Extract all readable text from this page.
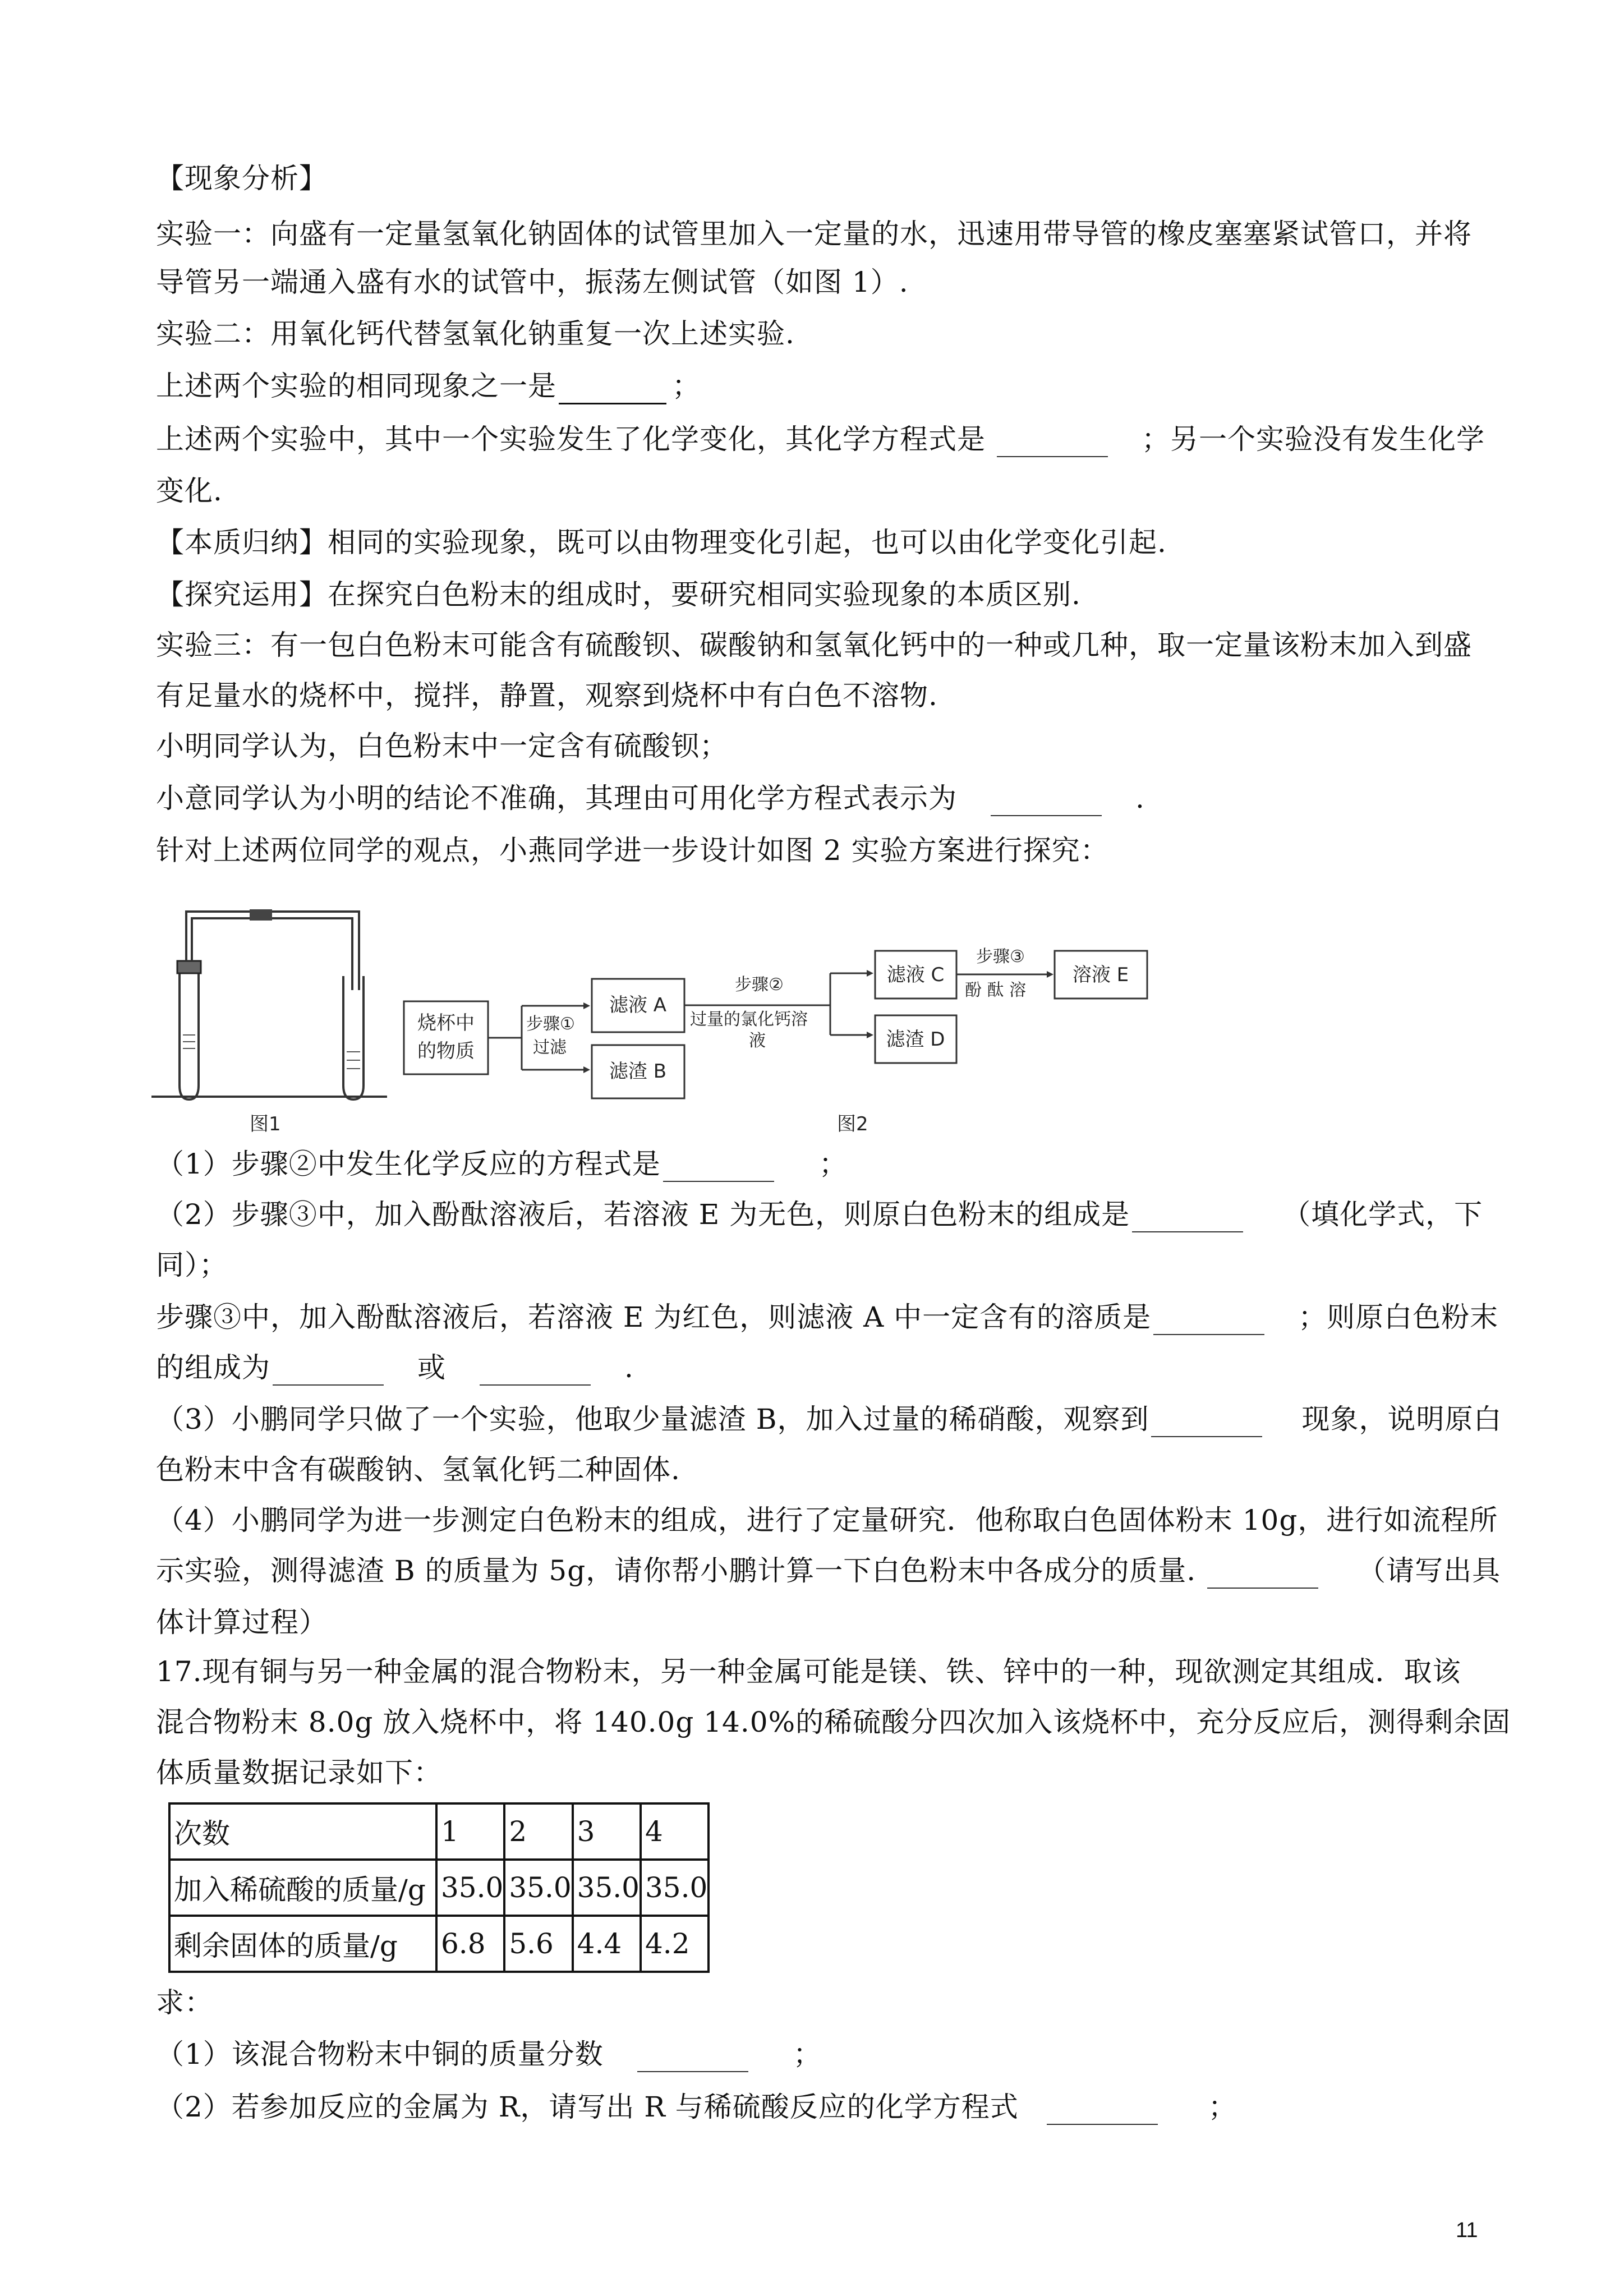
【现象分析】
实验一：向盛有一定量氢氧化钠固体的试管里加入一定量的水，迅速用带导管的橡皮塞塞紧试管口，并将
导管另一端通入盛有水的试管中，振荡左侧试管（如图 1）.
实验二：用氧化钙代替氢氧化钠重复一次上述实验.
上述两个实验的相同现象之一是	；
上述两个实验中，其中一个实验发生了化学变化，其化学方程式是	；另一个实验没有发生化学
变化.
【本质归纳】相同的实验现象，既可以由物理变化引起，也可以由化学变化引起.
【探究运用】在探究白色粉末的组成时，要研究相同实验现象的本质区别.
实验三：有一包白色粉末可能含有硫酸钡、碳酸钠和氢氧化钙中的一种或几种，取一定量该粉末加入到盛
有足量水的烧杯中，搅拌，静置，观察到烧杯中有白色不溶物.
小明同学认为，白色粉末中一定含有硫酸钡；
小意同学认为小明的结论不准确，其理由可用化学方程式表示为	.
针对上述两位同学的观点，小燕同学进一步设计如图 2 实验方案进行探究：
图1
烧杯中
的物质
步骤①
过滤
滤液 A
滤渣 B
步骤②
过量的氯化钙溶
液
滤液 C
滤渣 D
步骤③
酚 酞 溶
溶液 E
图2
（1）步骤②中发生化学反应的方程式是	；
（2）步骤③中，加入酚酞溶液后，若溶液 E 为无色，则原白色粉末的组成是	（填化学式，下
同）；
步骤③中，加入酚酞溶液后，若溶液 E 为红色，则滤液 A 中一定含有的溶质是	；则原白色粉末
的组成为	或	.
（3）小鹏同学只做了一个实验，他取少量滤渣 B，加入过量的稀硝酸，观察到	现象，说明原白
色粉末中含有碳酸钠、氢氧化钙二种固体.
（4）小鹏同学为进一步测定白色粉末的组成，进行了定量研究．他称取白色固体粉末 10g，进行如流程所
示实验，测得滤渣 B 的质量为 5g，请你帮小鹏计算一下白色粉末中各成分的质量.	（请写出具
体计算过程）
17.现有铜与另一种金属的混合物粉末，另一种金属可能是镁、铁、锌中的一种，现欲测定其组成．取该
混合物粉末 8.0g 放入烧杯中，将 140.0g 14.0%的稀硫酸分四次加入该烧杯中，充分反应后，测得剩余固
体质量数据记录如下：
次数	1	2	3	4
加入稀硫酸的质量/g	35.0	35.0	35.0	35.0
剩余固体的质量/g	6.8	5.6	4.4	4.2
求：
（1）该混合物粉末中铜的质量分数	；
（2）若参加反应的金属为 R，请写出 R 与稀硫酸反应的化学方程式	；
11
